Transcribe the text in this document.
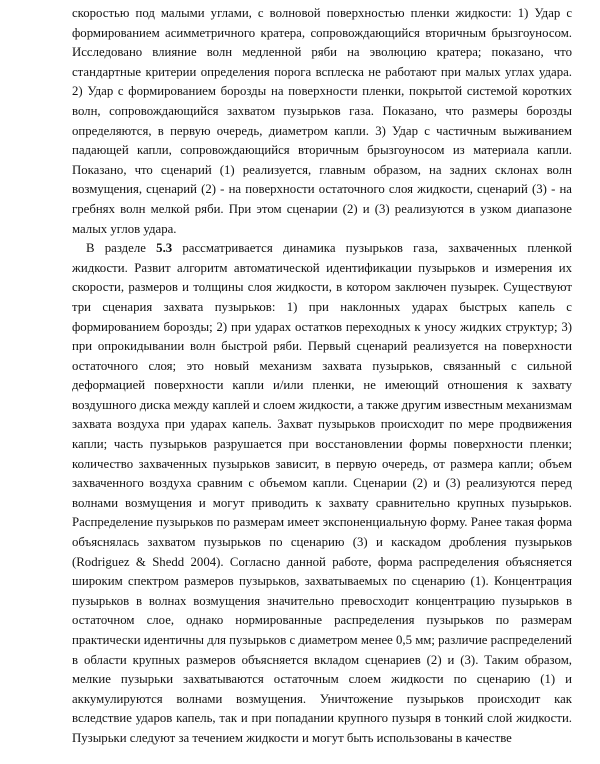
скоростью под малыми углами, с волновой поверхностью пленки жидкости: 1) Удар с формированием асимметричного кратера, сопровождающийся вторичным брызгоуносом. Исследовано влияние волн медленной ряби на эволюцию кратера; показано, что стандартные критерии определения порога всплеска не работают при малых углах удара. 2) Удар с формированием борозды на поверхности пленки, покрытой системой коротких волн, сопровождающийся захватом пузырьков газа. Показано, что размеры борозды определяются, в первую очередь, диаметром капли. 3) Удар с частичным выживанием падающей капли, сопровождающийся вторичным брызгоуносом из материала капли. Показано, что сценарий (1) реализуется, главным образом, на задних склонах волн возмущения, сценарий (2) - на поверхности остаточного слоя жидкости, сценарий (3) - на гребнях волн мелкой ряби. При этом сценарии (2) и (3) реализуются в узком диапазоне малых углов удара.

В разделе 5.3 рассматривается динамика пузырьков газа, захваченных пленкой жидкости. Развит алгоритм автоматической идентификации пузырьков и измерения их скорости, размеров и толщины слоя жидкости, в котором заключен пузырек. Существуют три сценария захвата пузырьков: 1) при наклонных ударах быстрых капель с формированием борозды; 2) при ударах остатков переходных к уносу жидких структур; 3) при опрокидывании волн быстрой ряби. Первый сценарий реализуется на поверхности остаточного слоя; это новый механизм захвата пузырьков, связанный с сильной деформацией поверхности капли и/или пленки, не имеющий отношения к захвату воздушного диска между каплей и слоем жидкости, а также другим известным механизмам захвата воздуха при ударах капель. Захват пузырьков происходит по мере продвижения капли; часть пузырьков разрушается при восстановлении формы поверхности пленки; количество захваченных пузырьков зависит, в первую очередь, от размера капли; объем захваченного воздуха сравним с объемом капли. Сценарии (2) и (3) реализуются перед волнами возмущения и могут приводить к захвату сравнительно крупных пузырьков. Распределение пузырьков по размерам имеет экспоненциальную форму. Ранее такая форма объяснялась захватом пузырьков по сценарию (3) и каскадом дробления пузырьков (Rodriguez & Shedd 2004). Согласно данной работе, форма распределения объясняется широким спектром размеров пузырьков, захватываемых по сценарию (1). Концентрация пузырьков в волнах возмущения значительно превосходит концентрацию пузырьков в остаточном слое, однако нормированные распределения пузырьков по размерам практически идентичны для пузырьков с диаметром менее 0,5 мм; различие распределений в области крупных размеров объясняется вкладом сценариев (2) и (3). Таким образом, мелкие пузырьки захватываются остаточным слоем жидкости по сценарию (1) и аккумулируются волнами возмущения. Уничтожение пузырьков происходит как вследствие ударов капель, так и при попадании крупного пузыря в тонкий слой жидкости. Пузырьки следуют за течением жидкости и могут быть использованы в качестве
